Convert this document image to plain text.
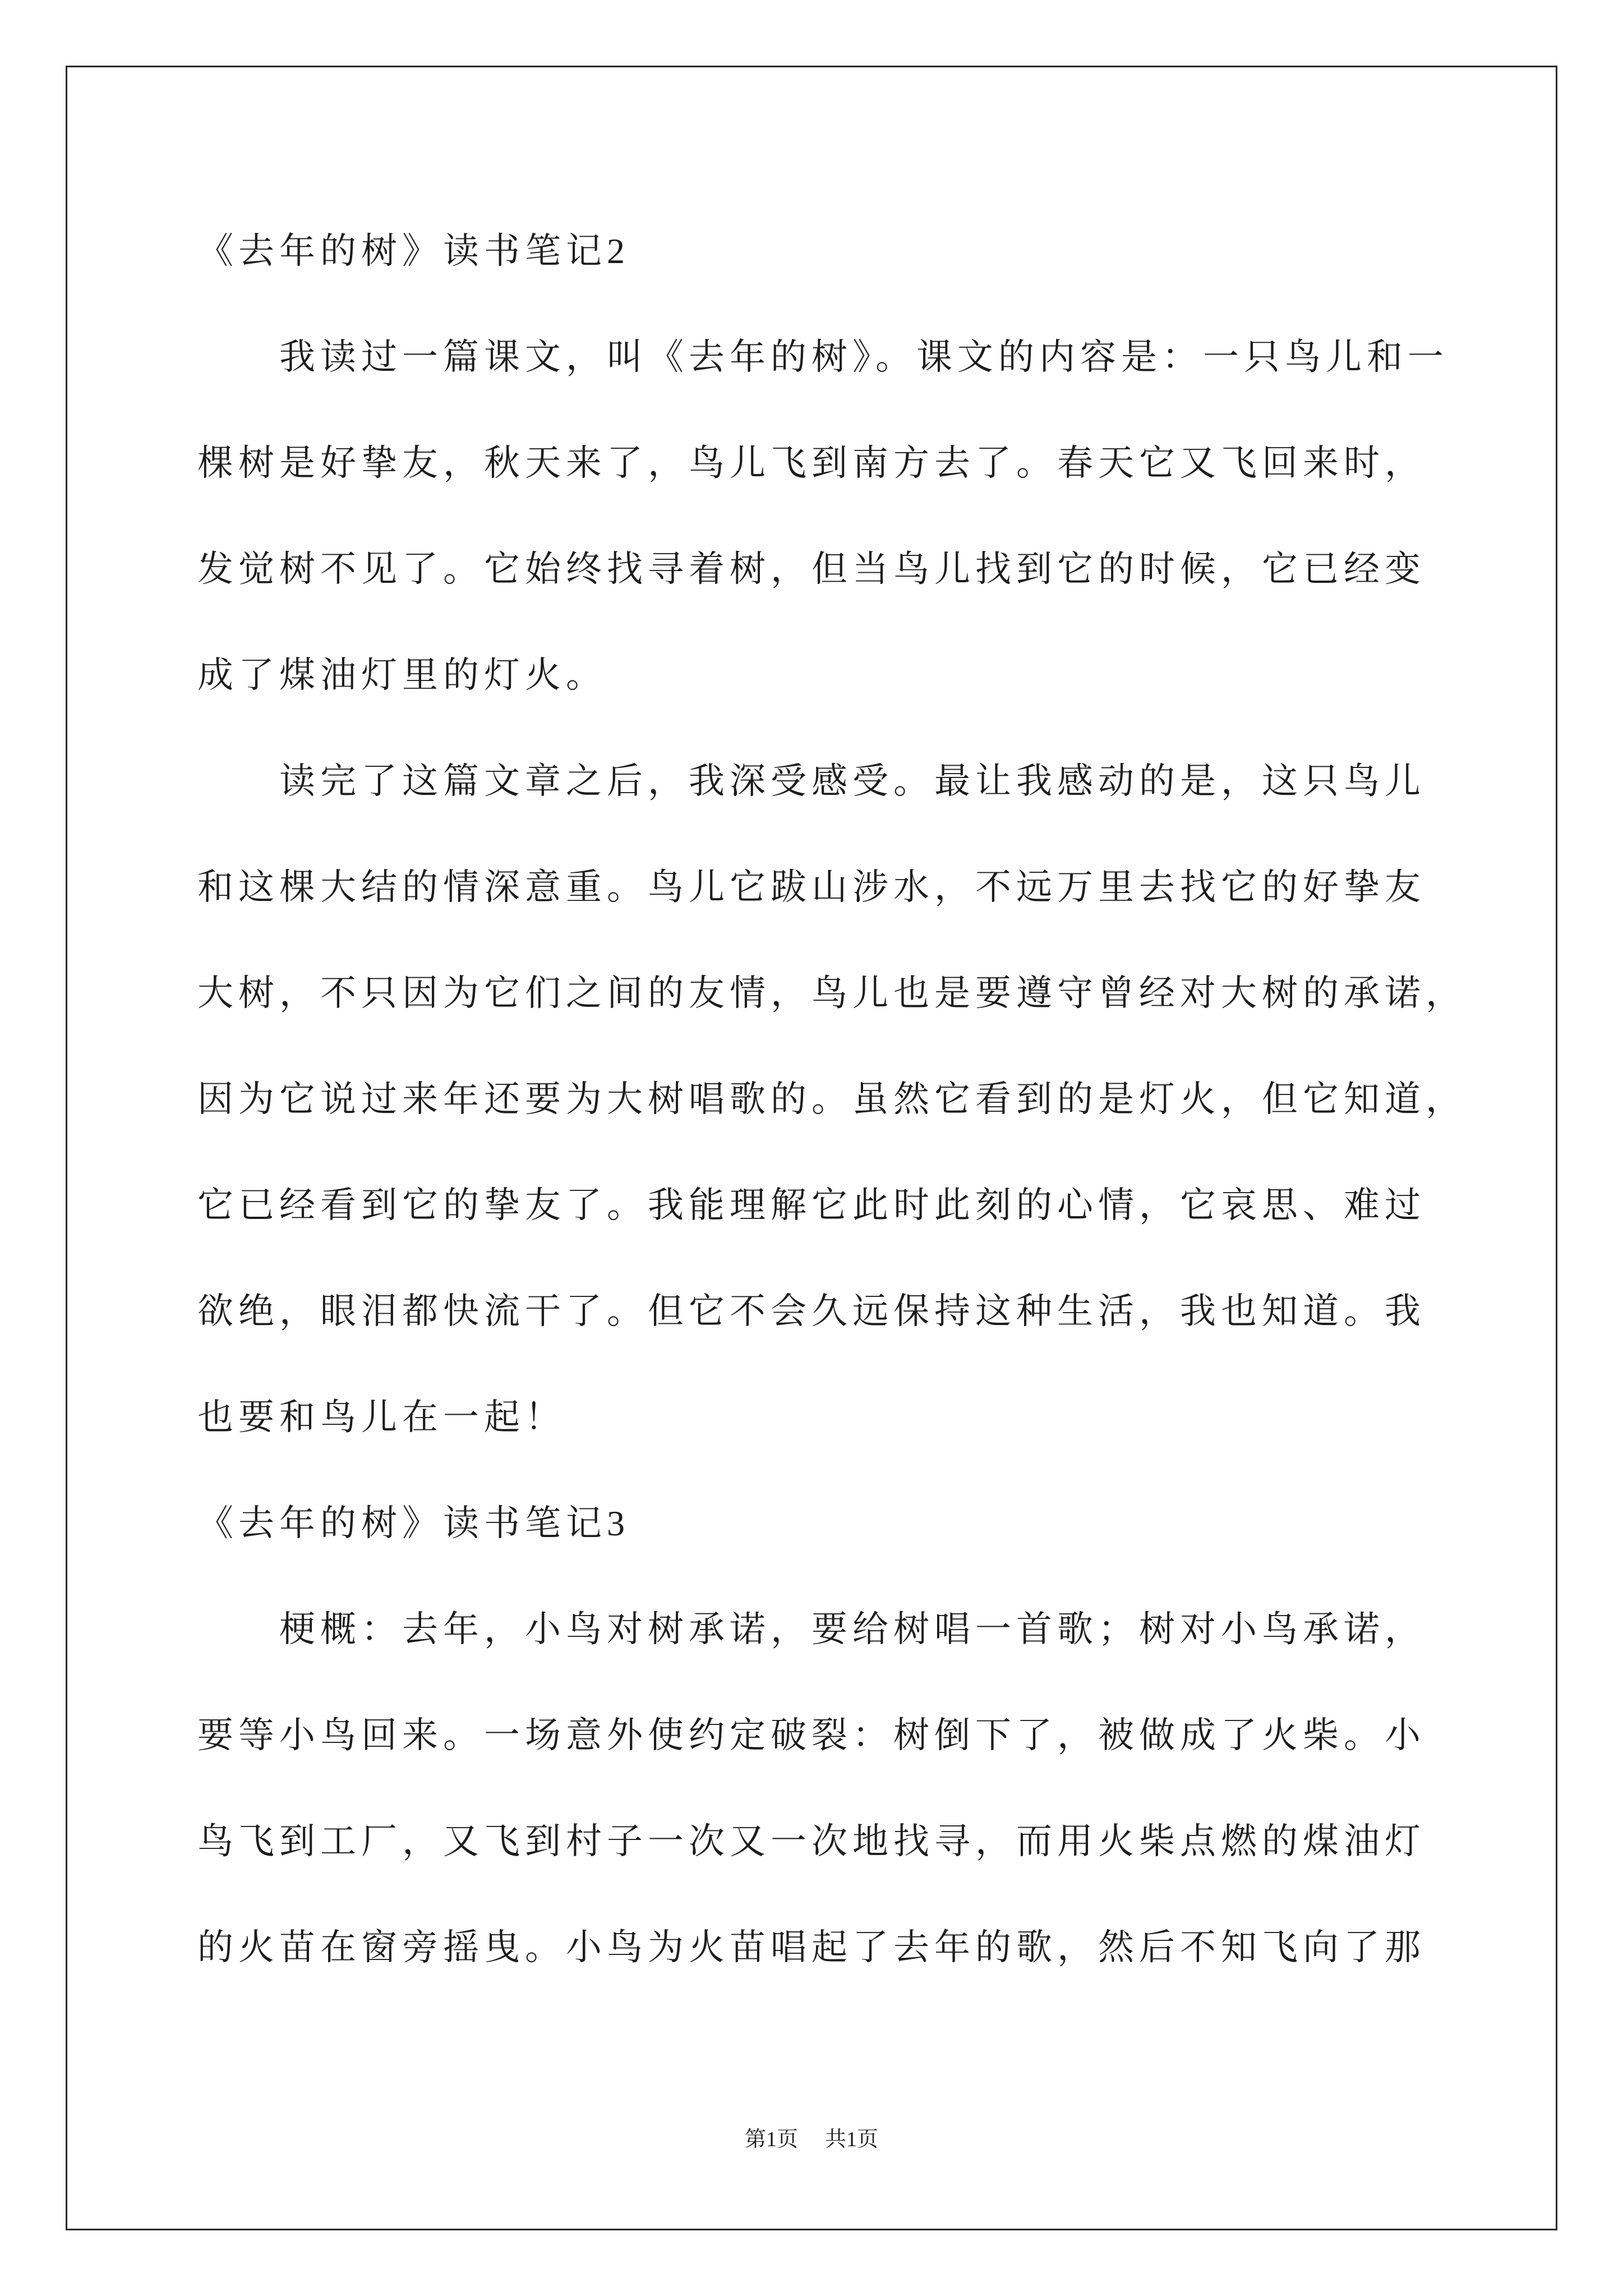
《去年的树》读书笔记2
我读过一篇课文，叫《去年的树》。课文的内容是：一只鸟儿和一
棵树是好挚友，秋天来了，鸟儿飞到南方去了。春天它又飞回来时，
发觉树不见了。它始终找寻着树，但当鸟儿找到它的时候，它已经变
成了煤油灯里的灯火。
读完了这篇文章之后，我深受感受。最让我感动的是，这只鸟儿
和这棵大结的情深意重。鸟儿它跋山涉水，不远万里去找它的好挚友
大树，不只因为它们之间的友情，鸟儿也是要遵守曾经对大树的承诺，
因为它说过来年还要为大树唱歌的。虽然它看到的是灯火，但它知道，
它已经看到它的挚友了。我能理解它此时此刻的心情，它哀思、难过
欲绝，眼泪都快流干了。但它不会久远保持这种生活，我也知道。我
也要和鸟儿在一起！
《去年的树》读书笔记3
梗概：去年，小鸟对树承诺，要给树唱一首歌；树对小鸟承诺，
要等小鸟回来。一场意外使约定破裂：树倒下了，被做成了火柴。小
鸟飞到工厂，又飞到村子一次又一次地找寻，而用火柴点燃的煤油灯
的火苗在窗旁摇曳。小鸟为火苗唱起了去年的歌，然后不知飞向了那
第1页 共1页
